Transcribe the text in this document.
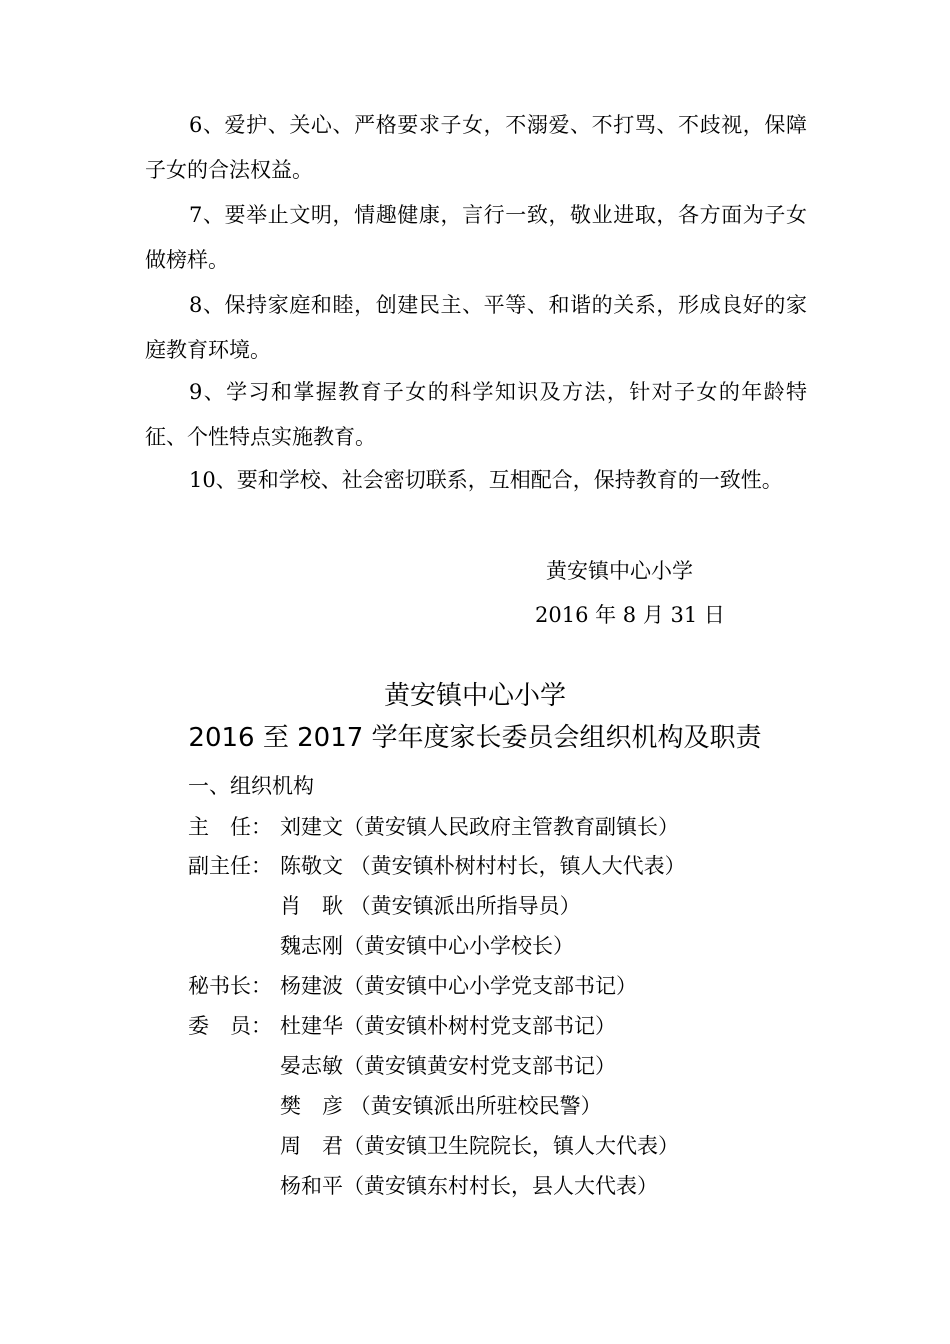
6、爱护、关心、严格要求子女，不溺爱、不打骂、不歧视，保障子女的合法权益。
7、要举止文明，情趣健康，言行一致，敬业进取，各方面为子女做榜样。
8、保持家庭和睦，创建民主、平等、和谐的关系，形成良好的家庭教育环境。
9、学习和掌握教育子女的科学知识及方法，针对子女的年龄特征、个性特点实施教育。
10、要和学校、社会密切联系，互相配合，保持教育的一致性。
黄安镇中心小学
2016 年 8 月 31 日
黄安镇中心小学
2016 至 2017 学年度家长委员会组织机构及职责
一、组织机构
主　任： 刘建文（黄安镇人民政府主管教育副镇长）
副主任： 陈敬文 （黄安镇朴树村村长，镇人大代表）
肖　耿 （黄安镇派出所指导员）
魏志刚（黄安镇中心小学校长）
秘书长： 杨建波（黄安镇中心小学党支部书记）
委　员： 杜建华（黄安镇朴树村党支部书记）
晏志敏（黄安镇黄安村党支部书记）
樊　彦 （黄安镇派出所驻校民警）
周　君（黄安镇卫生院院长，镇人大代表）
杨和平（黄安镇东村村长，县人大代表）
